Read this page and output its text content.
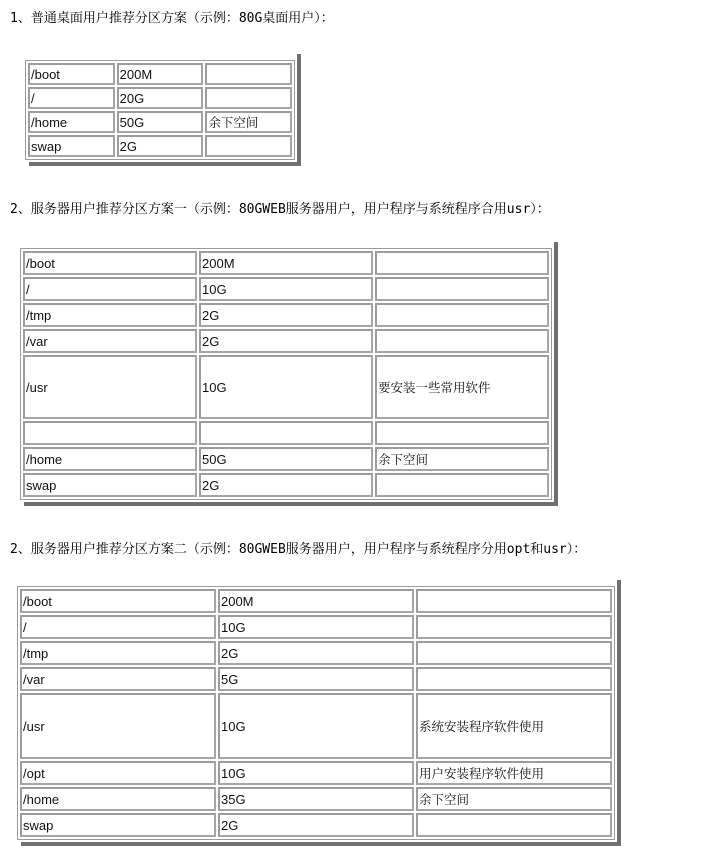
1、普通桌面用户推荐分区方案（示例：80G桌面用户）：
/boot	200M	
/	20G	
/home	50G	余下空间
swap	2G	
2、服务器用户推荐分区方案一（示例：80GWEB服务器用户，用户程序与系统程序合用usr）：
/boot	200M	
/	10G	
/tmp	2G	
/var	2G	
/usr	10G	要安装一些常用软件

/home	50G	余下空间
swap	2G	
2、服务器用户推荐分区方案二（示例：80GWEB服务器用户，用户程序与系统程序分用opt和usr）：
/boot	200M	
/	10G	
/tmp	2G	
/var	5G	
/usr	10G	系统安装程序软件使用
/opt	10G	用户安装程序软件使用
/home	35G	余下空间
swap	2G	
